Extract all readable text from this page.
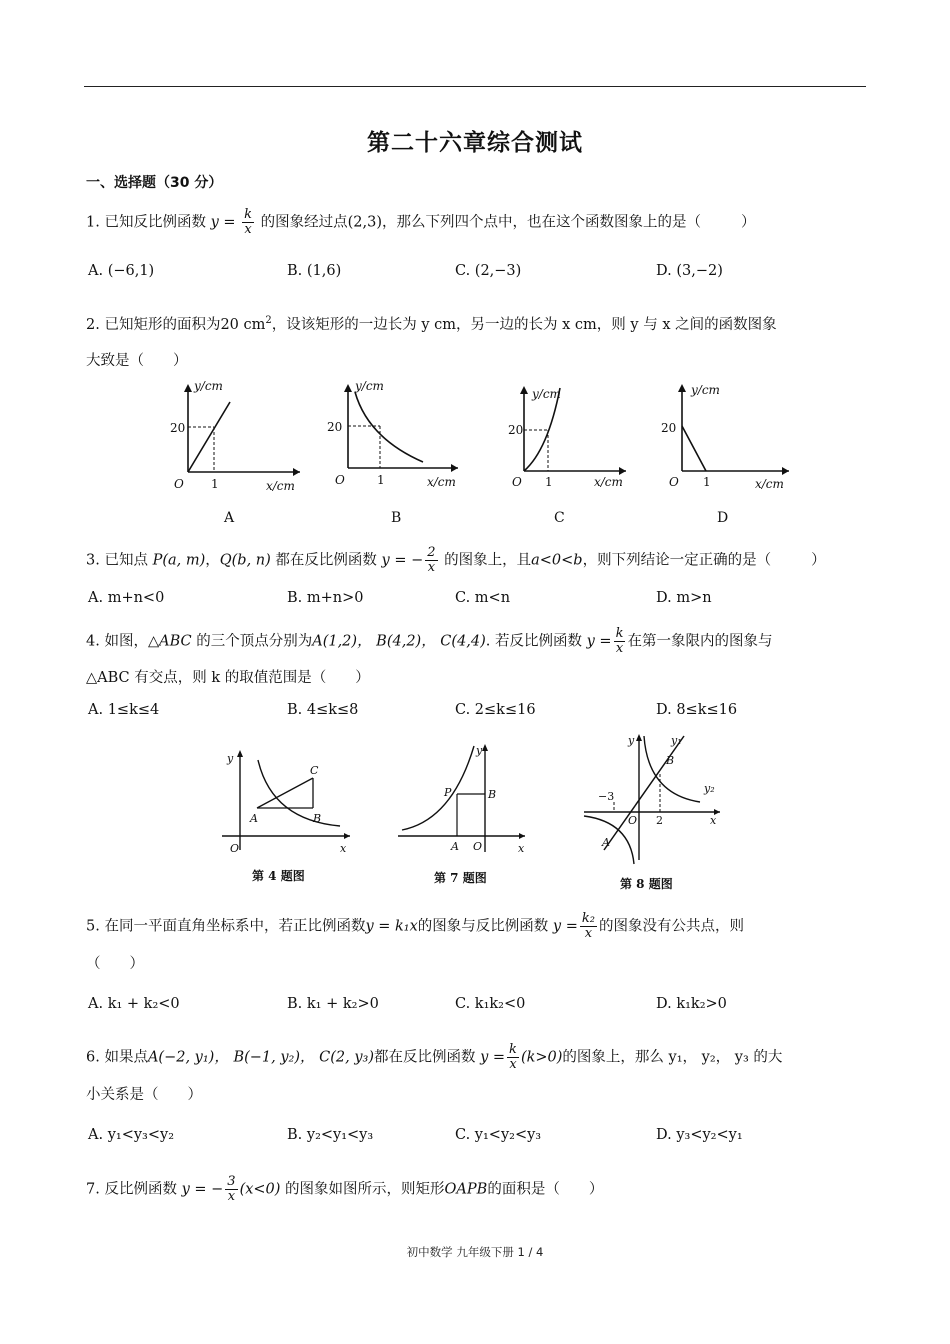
第二十六章综合测试
一、选择题（30 分）
1. 已知反比例函数 $y = \frac{k}{x}$ 的图象经过点(2,3)，那么下列四个点中，也在这个函数图象上的是（	）
A. (−6,1)	B. (1,6)	C. (2,−3)	D. (3,−2)
2. 已知矩形的面积为20 $cm^2$，设该矩形的一边长为 y cm，另一边的长为 x cm，则 y 与 x 之间的函数图象
大致是（　　）
y/cm
20
O 1	x/cm
A
y/cm
20
O	1	x/cm
B
y/cm
20
O 1	x/cm
C
y/cm
20
O 1	x/cm
D
3. 已知点 P(a, m)，Q(b, n) 都在反比例函数 y = − $\frac{2}{x}$ 的图象上，且a<0<b，则下列结论一定正确的是（	）
A. m+n<0	B. m+n>0	C. m<n	D. m>n
4. 如图，△ABC 的三个顶点分别为A(1,2)， B(4,2)， C(4,4). 若反比例函数 $y = \frac{k}{x}$ 在第一象限内的图象与
△ABC 有交点，则 k 的取值范围是（　　）
A. 1≤k≤4	B. 4≤k≤8	C. 2≤k≤16	D. 8≤k≤16
y
O	x
A	B
C
第 4 题图
y
P	B
A O	x
第 7 题图
y	y₁
B
y₂
−3
2
O	x
A
第 8 题图
5. 在同一平面直角坐标系中，若正比例函数y = k₁x的图象与反比例函数 $y = \frac{\text{k₂}}{x}$ 的图象没有公共点，则
（　　）
A. k₁ + k₂<0	B. k₁ + k₂>0	C. k₁k₂<0	D. k₁k₂>0
6. 如果点A(−2, y₁)， B(−1, y₂)， C(2, y₃)都在反比例函数 $y = \frac{k}{x} (k>0)$的图象上，那么 y₁， y₂， y₃ 的大
小关系是（　　）
A. y₁<y₃<y₂	B. y₂<y₁<y₃	C. y₁<y₂<y₃	D. y₃<y₂<y₁
7. 反比例函数 y = − $\frac{3}{x} (x<0)$ 的图象如图所示，则矩形OAPB的面积是（　　）
初中数学 九年级下册 1 / 4
